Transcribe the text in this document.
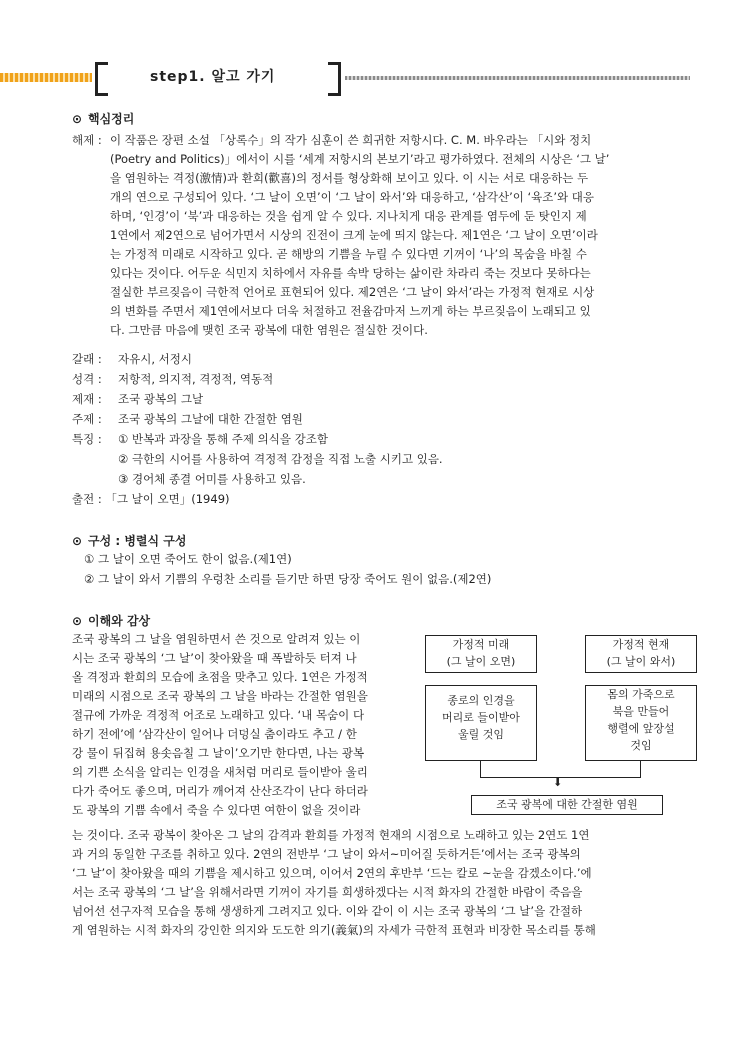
step1. 알고 가기
⊙ 핵심정리
해제 : 이 작품은 장편 소설 「상록수」의 작가 심훈이 쓴 희귀한 저항시다. C. M. 바우라는 「시와 정치
(Poetry and Politics)」에서이 시를 ‘세계 저항시의 본보기’라고 평가하였다. 전체의 시상은 ‘그 날’
을 염원하는 격정(激情)과 환희(歡喜)의 정서를 형상화해 보이고 있다. 이 시는 서로 대응하는 두
개의 연으로 구성되어 있다. ‘그 날이 오면’이 ‘그 날이 와서’와 대응하고, ‘삼각산’이 ‘육조’와 대응
하며, ‘인경’이 ‘북’과 대응하는 것을 쉽게 알 수 있다. 지나치게 대응 관계를 염두에 둔 탓인지 제
1연에서 제2연으로 넘어가면서 시상의 진전이 크게 눈에 띄지 않는다. 제1연은 ‘그 날이 오면’이라
는 가정적 미래로 시작하고 있다. 곧 해방의 기쁨을 누릴 수 있다면 기꺼이 ‘나’의 목숨을 바칠 수
있다는 것이다. 어두운 식민지 치하에서 자유를 속박 당하는 삶이란 차라리 죽는 것보다 못하다는
절실한 부르짖음이 극한적 언어로 표현되어 있다. 제2연은 ‘그 날이 와서’라는 가정적 현재로 시상
의 변화를 주면서 제1연에서보다 더욱 처절하고 전율감마저 느끼게 하는 부르짖음이 노래되고 있
다. 그만큼 마음에 맺힌 조국 광복에 대한 염원은 절실한 것이다.
갈래 : 자유시, 서정시
성격 : 저항적, 의지적, 격정적, 역동적
제재 : 조국 광복의 그날
주제 : 조국 광복의 그날에 대한 간절한 염원
특징 : ① 반복과 과장을 통해 주제 의식을 강조함
② 극한의 시어를 사용하여 격정적 감정을 직접 노출 시키고 있음.
③ 경어체 종결 어미를 사용하고 있음.
출전 : 「그 날이 오면」(1949)
⊙ 구성 : 병렬식 구성
① 그 날이 오면 죽어도 한이 없음.(제1연)
② 그 날이 와서 기쁨의 우렁찬 소리를 듣기만 하면 당장 죽어도 원이 없음.(제2연)
⊙ 이해와 감상
조국 광복의 그 날을 염원하면서 쓴 것으로 알려져 있는 이
시는 조국 광복의 ‘그 날’이 찾아왔을 때 폭발하듯 터져 나
올 격정과 환희의 모습에 초점을 맞추고 있다. 1연은 가정적
미래의 시점으로 조국 광복의 그 날을 바라는 간절한 염원을
절규에 가까운 격정적 어조로 노래하고 있다. ‘내 목숨이 다
하기 전에’에 ‘삼각산이 일어나 더덩실 춤이라도 추고 / 한
강 물이 뒤집혀 용솟음칠 그 날이’오기만 한다면, 나는 광복
의 기쁜 소식을 알리는 인경을 새처럼 머리로 들이받아 울리
다가 죽어도 좋으며, 머리가 깨어져 산산조각이 난다 하더라
도 광복의 기쁨 속에서 죽을 수 있다면 여한이 없을 것이라
는 것이다. 조국 광복이 찾아온 그 날의 감격과 환희를 가정적 현재의 시점으로 노래하고 있는 2연도 1연
과 거의 동일한 구조를 취하고 있다. 2연의 전반부 ‘그 날이 와서~미어질 듯하거든’에서는 조국 광복의
‘그 날’이 찾아왔을 때의 기쁨을 제시하고 있으며, 이어서 2연의 후반부 ‘드는 칼로 ~눈을 감겠소이다.’에
서는 조국 광복의 ‘그 날’을 위해서라면 기꺼이 자기를 희생하겠다는 시적 화자의 간절한 바람이 죽음을
넘어선 선구자적 모습을 통해 생생하게 그려지고 있다. 이와 같이 이 시는 조국 광복의 ‘그 날’을 간절하
게 염원하는 시적 화자의 강인한 의지와 도도한 의기(義氣)의 자세가 극한적 표현과 비장한 목소리를 통해
가정적 미래
(그 날이 오면)
가정적 현재
(그 날이 와서)
종로의 인경을
머리로 들이받아
울릴 것임
몸의 가죽으로
북을 만들어
행렬에 앞장설
것임
⬇
조국 광복에 대한 간절한 염원
